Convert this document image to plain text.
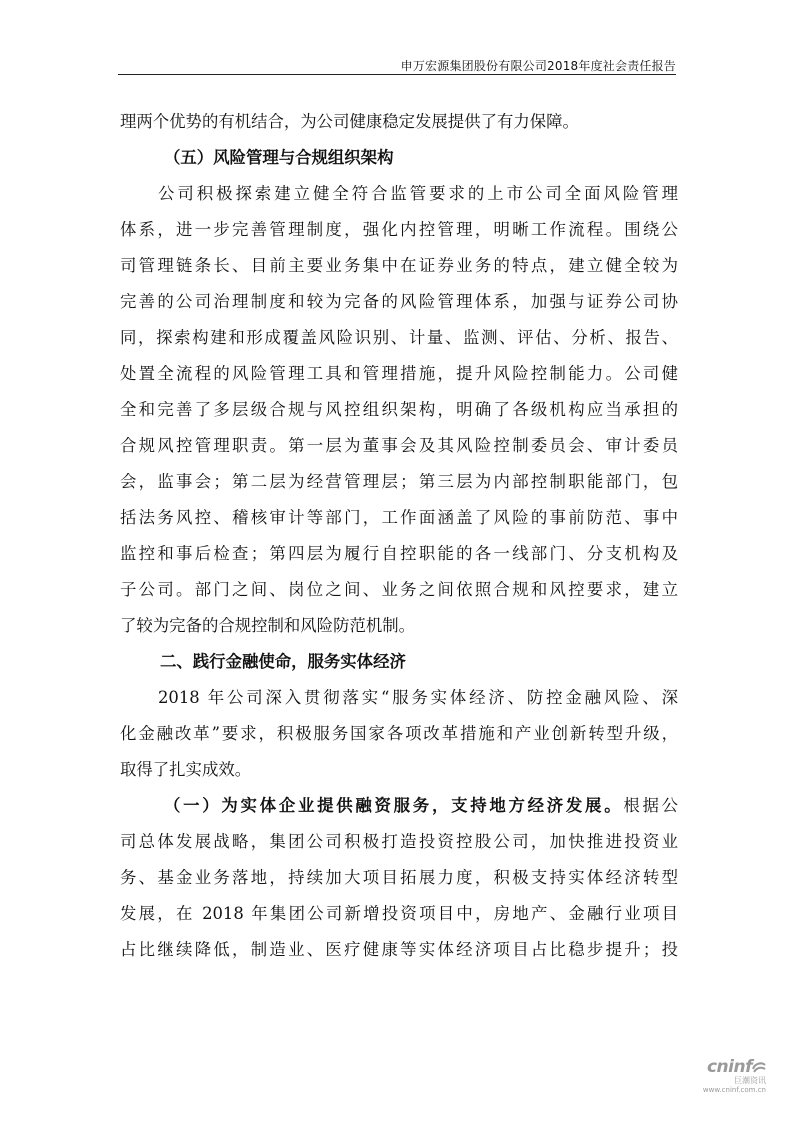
申万宏源集团股份有限公司2018年度社会责任报告
理两个优势的有机结合，为公司健康稳定发展提供了有力保障。
（五）风险管理与合规组织架构
公司积极探索建立健全符合监管要求的上市公司全面风险管理
体系，进一步完善管理制度，强化内控管理，明晰工作流程。围绕公
司管理链条长、目前主要业务集中在证券业务的特点，建立健全较为
完善的公司治理制度和较为完备的风险管理体系，加强与证券公司协
同，探索构建和形成覆盖风险识别、计量、监测、评估、分析、报告、
处置全流程的风险管理工具和管理措施，提升风险控制能力。公司健
全和完善了多层级合规与风控组织架构，明确了各级机构应当承担的
合规风控管理职责。第一层为董事会及其风险控制委员会、审计委员
会，监事会；第二层为经营管理层；第三层为内部控制职能部门，包
括法务风控、稽核审计等部门，工作面涵盖了风险的事前防范、事中
监控和事后检查；第四层为履行自控职能的各一线部门、分支机构及
子公司。部门之间、岗位之间、业务之间依照合规和风控要求，建立
了较为完备的合规控制和风险防范机制。
二、践行金融使命，服务实体经济
2018 年公司深入贯彻落实“服务实体经济、防控金融风险、深
化金融改革”要求，积极服务国家各项改革措施和产业创新转型升级，
取得了扎实成效。
（一）为实体企业提供融资服务，支持地方经济发展。根据公
司总体发展战略，集团公司积极打造投资控股公司，加快推进投资业
务、基金业务落地，持续加大项目拓展力度，积极支持实体经济转型
发展，在 2018 年集团公司新增投资项目中，房地产、金融行业项目
占比继续降低，制造业、医疗健康等实体经济项目占比稳步提升；投
cninf
巨潮资讯
www.cninf.com.cn
